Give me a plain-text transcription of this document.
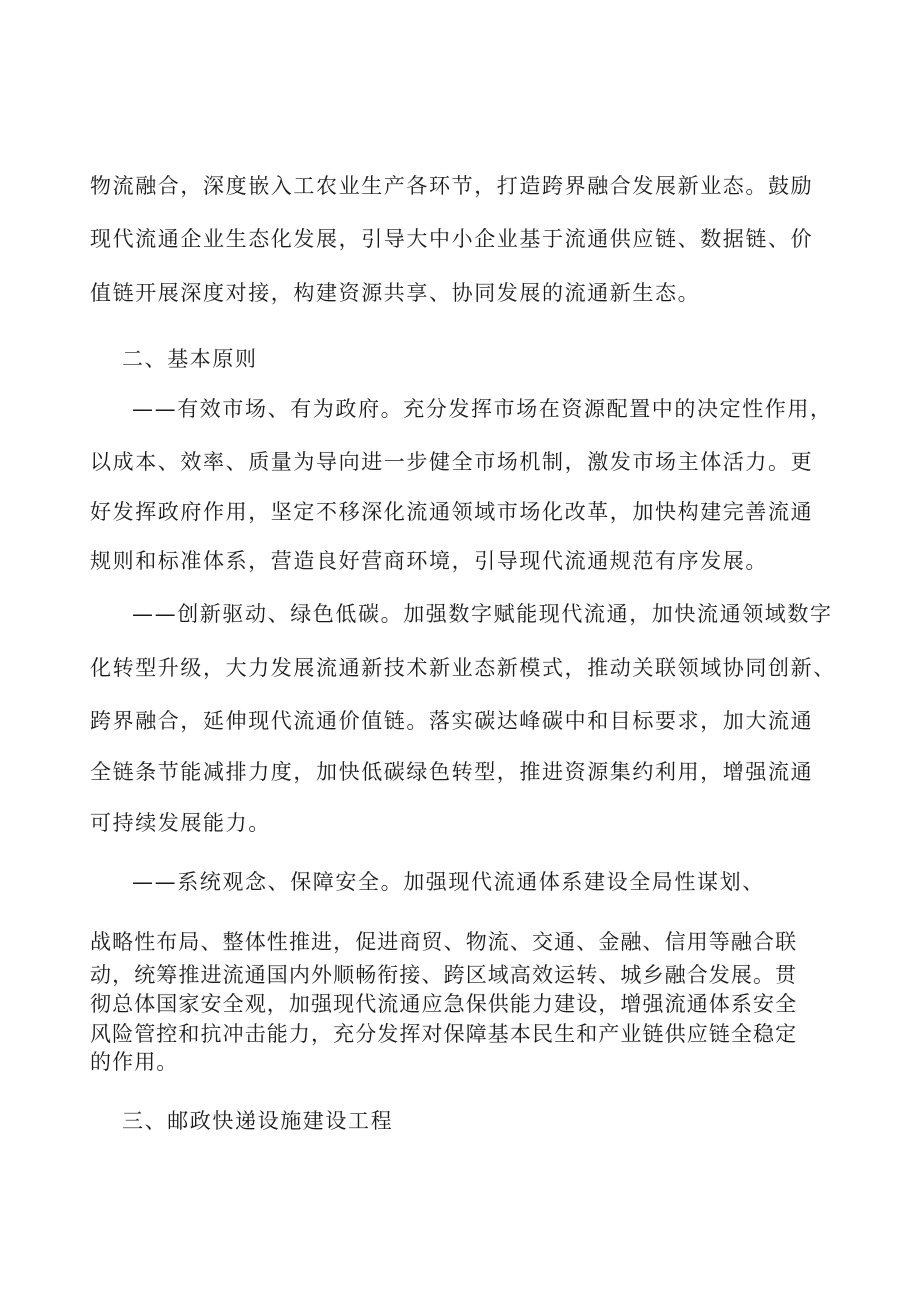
物流融合，深度嵌入工农业生产各环节，打造跨界融合发展新业态。鼓励
现代流通企业生态化发展，引导大中小企业基于流通供应链、数据链、价
值链开展深度对接，构建资源共享、协同发展的流通新生态。
二、基本原则
——有效市场、有为政府。充分发挥市场在资源配置中的决定性作用，
以成本、效率、质量为导向进一步健全市场机制，激发市场主体活力。更
好发挥政府作用，坚定不移深化流通领域市场化改革，加快构建完善流通
规则和标准体系，营造良好营商环境，引导现代流通规范有序发展。
——创新驱动、绿色低碳。加强数字赋能现代流通，加快流通领域数字
化转型升级，大力发展流通新技术新业态新模式，推动关联领域协同创新、
跨界融合，延伸现代流通价值链。落实碳达峰碳中和目标要求，加大流通
全链条节能减排力度，加快低碳绿色转型，推进资源集约利用，增强流通
可持续发展能力。
——系统观念、保障安全。加强现代流通体系建设全局性谋划、
战略性布局、整体性推进，促进商贸、物流、交通、金融、信用等融合联
动，统筹推进流通国内外顺畅衔接、跨区域高效运转、城乡融合发展。贯
彻总体国家安全观，加强现代流通应急保供能力建设，增强流通体系安全
风险管控和抗冲击能力，充分发挥对保障基本民生和产业链供应链全稳定
的作用。
三、邮政快递设施建设工程
